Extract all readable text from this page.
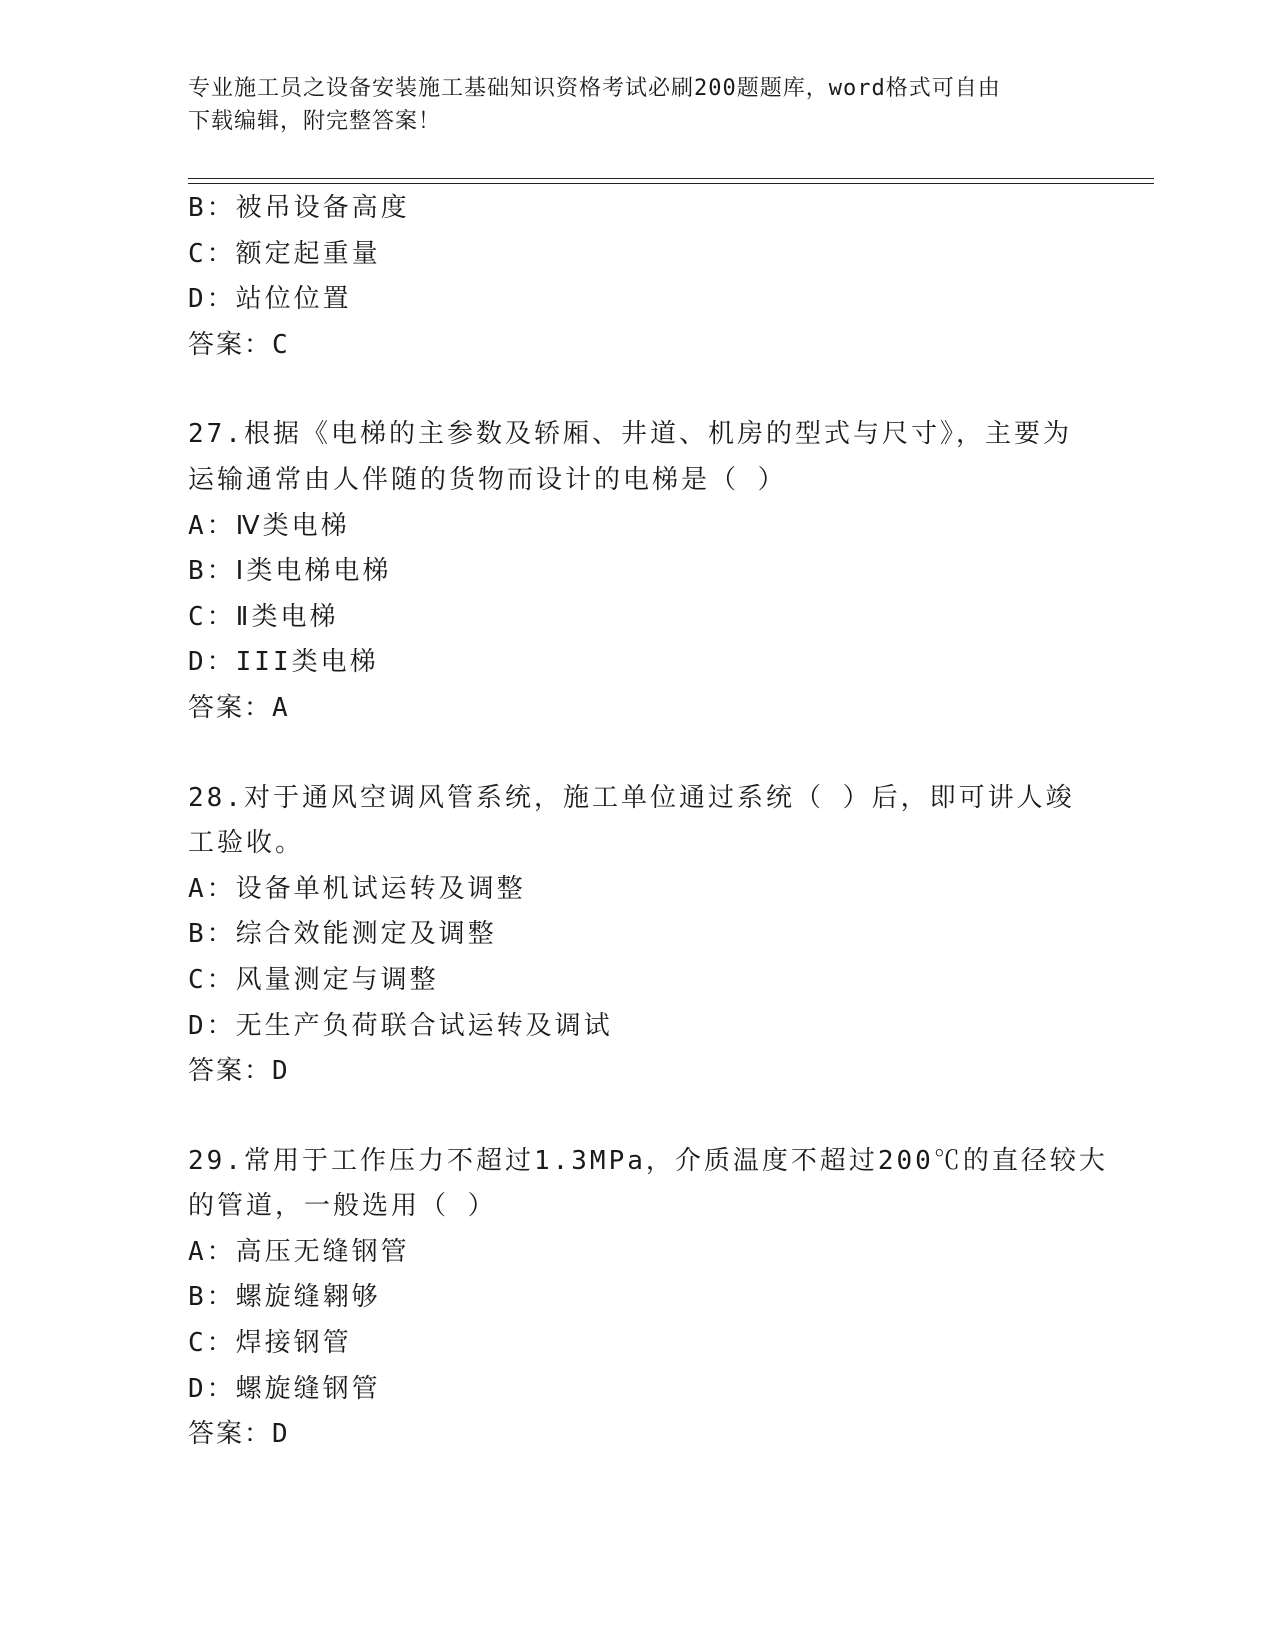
专业施工员之设备安装施工基础知识资格考试必刷200题题库，word格式可自由
下载编辑，附完整答案！
B：被吊设备高度
C：额定起重量
D：站位位置
答案：C
27.根据《电梯的主参数及轿厢、井道、机房的型式与尺寸》，主要为
运输通常由人伴随的货物而设计的电梯是（ ）
A：Ⅳ类电梯
B：Ⅰ类电梯电梯
C：Ⅱ类电梯
D：III类电梯
答案：A
28.对于通风空调风管系统，施工单位通过系统（ ）后，即可讲人竣
工验收。
A：设备单机试运转及调整
B：综合效能测定及调整
C：风量测定与调整
D：无生产负荷联合试运转及调试
答案：D
29.常用于工作压力不超过1.3MPa，介质温度不超过200℃的直径较大
的管道，一般选用（ ）
A：高压无缝钢管
B：螺旋缝翱够
C：焊接钢管
D：螺旋缝钢管
答案：D
